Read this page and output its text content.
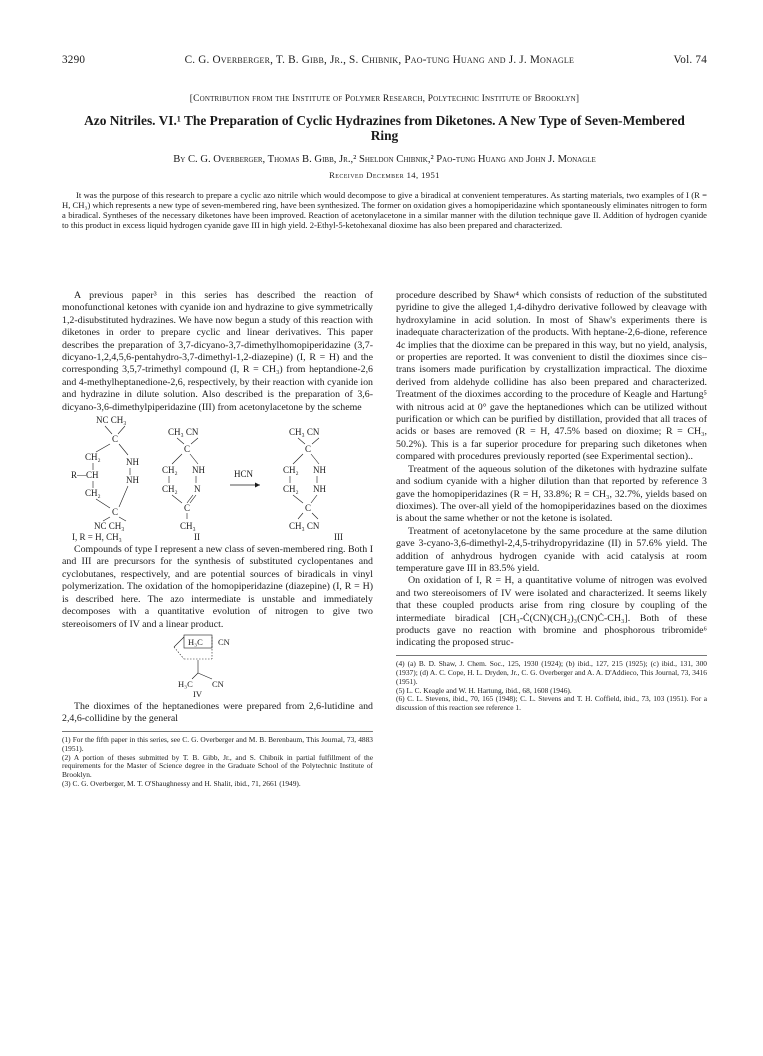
3290	C. G. Overberger, T. B. Gibb, Jr., S. Chibnik, Pao-tung Huang and J. J. Monagle	Vol. 74
[Contribution from the Institute of Polymer Research, Polytechnic Institute of Brooklyn]
Azo Nitriles. VI.¹ The Preparation of Cyclic Hydrazines from Diketones. A New Type of Seven-Membered Ring
By C. G. Overberger, Thomas B. Gibb, Jr.,² Sheldon Chibnik,² Pao-tung Huang and John J. Monagle
Received December 14, 1951

It was the purpose of this research to prepare a cyclic azo nitrile which would decompose to give a biradical at convenient temperatures. As starting materials, two examples of I (R = H, CH₃) which represents a new type of seven-membered ring, have been synthesized. The former on oxidation gives a homopiperidazine which spontaneously eliminates nitrogen to form a biradical. Syntheses of the necessary diketones have been improved. Reaction of acetonylacetone in a similar manner with the dilution technique gave II. Addition of hydrogen cyanide to this product in excess liquid hydrogen cyanide gave III in high yield. 2-Ethyl-5-ketohexanal dioxime has also been prepared and characterized.

A previous paper³ in this series has described the reaction of monofunctional ketones with cyanide ion and hydrazine to give symmetrically 1,2-disubstituted hydrazines. We have now begun a study of this reaction with diketones in order to prepare cyclic and linear derivatives. This paper describes the preparation of 3,7-dicyano-3,7-dimethylhomopiperidazine (3,7-dicyano-1,2,4,5,6-pentahydro-3,7-dimethyl-1,2-diazepine) (I, R = H) and the corresponding 3,5,7-trimethyl compound (I, R = CH₃) from heptandione-2,6 and 4-methylheptanedione-2,6, respectively, by their reaction with cyanide ion and hydrazine in dilute solution. Also described is the preparation of 3,6-dicyano-3,6-dimethylpiperidazine (III) from acetonylacetone by the scheme

NC CH₃
C
CH₂	NH
R—CH	NH
CH₂
C
NC CH₃
CH₃ CN
C
CH₂ NH
CH₂ N
C
CH₃
HCN
CH₃ CN
C
CH₂ NH
CH₂ NH
C
CH₃ CN
I, R = H, CH₃	II	III

Compounds of type I represent a new class of seven-membered ring. Both I and III are precursors for the synthesis of substituted cyclopentanes and cyclobutanes, respectively, and are potential sources of biradicals in vinyl polymerization. The oxidation of the homopiperidazine (diazepine) (I, R = H) is described here. The azo intermediate is unstable and immediately decomposes with a quantitative evolution of nitrogen to give two stereoisomers of IV and a linear product.

H₃C CN
H₃C CN
IV

The dioximes of the heptanediones were prepared from 2,6-lutidine and 2,4,6-collidine by the general

(1) For the fifth paper in this series, see C. G. Overberger and M. B. Berenbaum, This Journal, 73, 4883 (1951).
(2) A portion of theses submitted by T. B. Gibb, Jr., and S. Chibnik in partial fulfillment of the requirements for the Master of Science degree in the Graduate School of the Polytechnic Institute of Brooklyn.
(3) C. G. Overberger, M. T. O'Shaughnessy and H. Shalit, ibid., 71, 2661 (1949).

procedure described by Shaw⁴ which consists of reduction of the substituted pyridine to give the alleged 1,4-dihydro derivative followed by cleavage with hydroxylamine in acid solution. In most of Shaw's experiments there is inadequate characterization of the products. With heptane-2,6-dione, reference 4c implies that the dioxime can be prepared in this way, but no yield, analysis, or properties are reported. It was convenient to distil the dioximes since cis–trans isomers made purification by crystallization impractical. The dioxime derived from aldehyde collidine has also been prepared and characterized. Treatment of the dioximes according to the procedure of Keagle and Hartung⁵ with nitrous acid at 0° gave the heptanediones which can be utilized without purification or which can be purified by distillation, provided that all traces of acids or bases are removed (R = H, 47.5% based on dioxime; R = CH₃, 50.2%). This is a far superior procedure for preparing such diketones when compared with procedures previously reported (see Experimental section)..

Treatment of the aqueous solution of the diketones with hydrazine sulfate and sodium cyanide with a higher dilution than that reported by reference 3 gave the homopiperidazines (R = H, 33.8%; R = CH₃, 32.7%, yields based on dioximes). The over-all yield of the homopiperidazines based on the dioximes is about the same whether or not the ketone is isolated.

Treatment of acetonylacetone by the same procedure at the same dilution gave 3-cyano-3,6-dimethyl-2,4,5-trihydropyridazine (II) in 57.6% yield. The addition of anhydrous hydrogen cyanide with acid catalysis at room temperature gave III in 83.5% yield.

On oxidation of I, R = H, a quantitative volume of nitrogen was evolved and two stereoisomers of IV were isolated and characterized. It seems likely that these coupled products arise from ring closure by coupling of the intermediate biradical [CH₃-Ċ(CN)(CH₂)₃(CN)Ċ-CH₃]. Both of these products gave no reaction with bromine and phosphorous tribromide⁶ indicating the proposed struc-

(4) (a) B. D. Shaw, J. Chem. Soc., 125, 1930 (1924); (b) ibid., 127, 215 (1925); (c) ibid., 131, 300 (1937); (d) A. C. Cope, H. L. Dryden, Jr., C. G. Overberger and A. A. D'Addieco, This Journal, 73, 3416 (1951).
(5) L. C. Keagle and W. H. Hartung, ibid., 68, 1608 (1946).
(6) C. L. Stevens, ibid., 70, 165 (1948); C. L. Stevens and T. H. Coffield, ibid., 73, 103 (1951). For a discussion of this reaction see reference 1.
